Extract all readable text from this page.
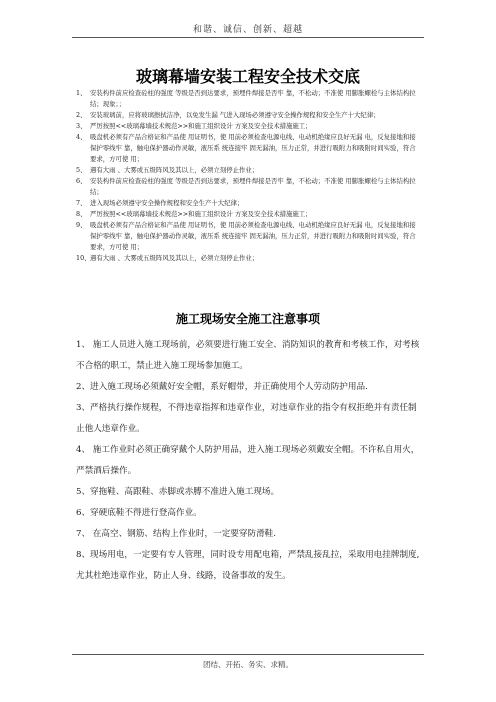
和谐、诚信、创新、超越
玻璃幕墙安装工程安全技术交底
1、 安装构件前应检查砼柱的强度 等级是否到达要求，预埋件焊接是否牢 靠，不松动；不准使 用膨胀螺栓与主体结构拉结；现象；；
2、 安装玻璃前，应将玻璃擦拭洁净，以免发生漏 气进入现场必须遵守安全操作规程和安全生产十大纪律；
3、 严厉按照<<玻璃幕墙技术规范>>和施工组织设计 方案及安全技术措施施工；
4、 吸盘机必须有产品合格证和产品使 用证明书，使 用前必须检查电源电线、电动机绝缘应良好无漏 电，反复接地和接保护零线牢 靠，触电保护器动作灵敏，液压系 统连接牢 固无漏油，压力正常，并进行吸附力和吸附时间实验，符合要求，方可使 用；
5、 遇有大雨 、大雾或五级阵风及其以上，必须立刻停止作业；
6、 安装构件前应检查砼柱的强度 等级是否到达要求，预埋件焊接是否牢 靠，不松动；不准使 用膨胀螺栓与主体结构拉结；
7、 进入现场必须遵守安全操作规程和安全生产十大纪律；
8、 严厉按照<<玻璃幕墙技术规范>>和施工组织设计 方案及安全技术措施施工；
9、 吸盘机必须有产品合格证和产品使 用证明书，使 用前必须检查电源电线、电动机绝缘应良好无漏 电，反复接地和接保护零线牢 靠，触电保护器动作灵敏，液压系 统连接牢 固无漏油，压力正常，并进行吸附力和吸附时间实验，符合要求，方可使 用；
10、 遇有大雨 、大雾或五级阵风及其以上，必须立刻停止作业；
施工现场安全施工注意事项
1、 施工人员进入施工现场前，必须要进行施工安全、消防知识的教育和考核工作，对考核不合格的职工，禁止进入施工现场参加施工。
2、进入施工现场必须戴好安全帽，系好帽带，并正确使用个人劳动防护用品.
3、严格执行操作规程，不得违章指挥和违章作业，对违章作业的指令有权拒绝并有责任制止他人违章作业。
4、 施工作业时必须正确穿戴个人防护用品，进入施工现场必须戴安全帽。不许私自用火，严禁酒后操作。
5、穿拖鞋、高跟鞋、赤脚或赤膊不准进入施工现场。
6、穿硬底鞋不得进行登高作业。
7、 在高空、钢筋、结构上作业时，一定要穿防滑鞋.
8、现场用电，一定要有专人管理，同时设专用配电箱，严禁乱接乱拉，采取用电挂牌制度,尤其杜绝违章作业，防止人身、线路，设备事故的发生。
团结、开拓、务实、求精。
